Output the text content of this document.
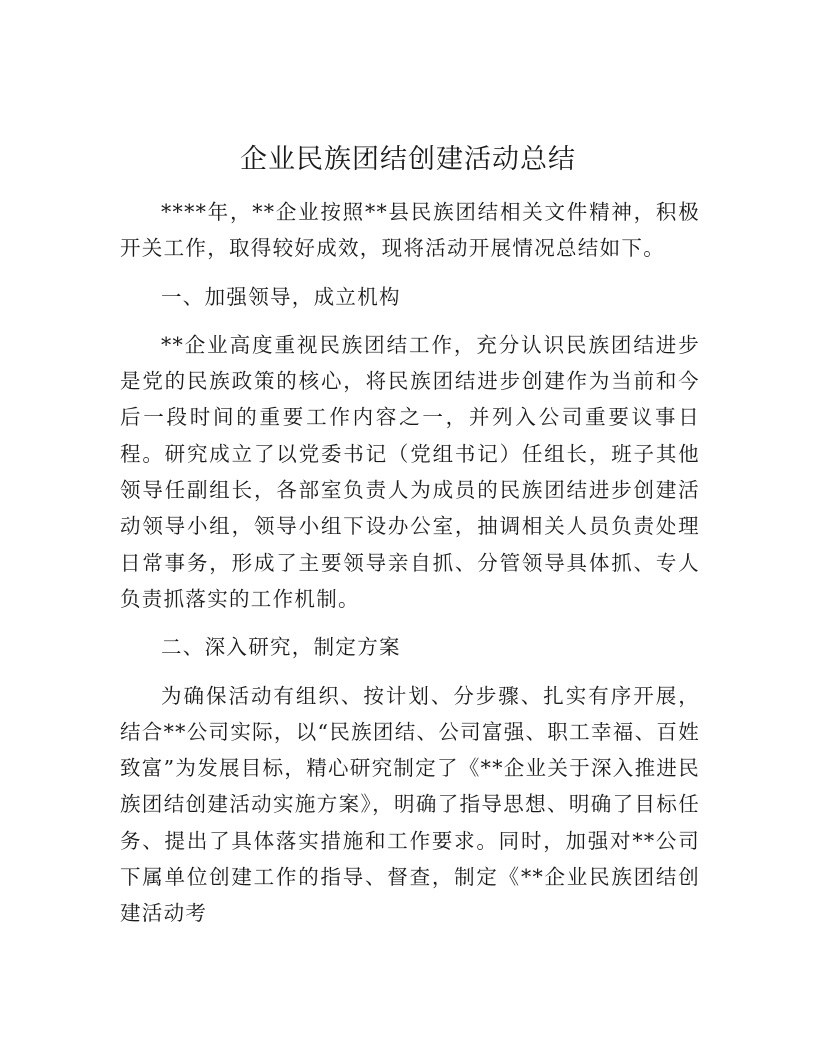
企业民族团结创建活动总结

****年，**企业按照**县民族团结相关文件精神，积极开关工作，取得较好成效，现将活动开展情况总结如下。

一、加强领导，成立机构

**企业高度重视民族团结工作，充分认识民族团结进步是党的民族政策的核心，将民族团结进步创建作为当前和今后一段时间的重要工作内容之一，并列入公司重要议事日程。研究成立了以党委书记（党组书记）任组长，班子其他领导任副组长，各部室负责人为成员的民族团结进步创建活动领导小组，领导小组下设办公室，抽调相关人员负责处理日常事务，形成了主要领导亲自抓、分管领导具体抓、专人负责抓落实的工作机制。

二、深入研究，制定方案

为确保活动有组织、按计划、分步骤、扎实有序开展，结合**公司实际，以“民族团结、公司富强、职工幸福、百姓致富”为发展目标，精心研究制定了《**企业关于深入推进民族团结创建活动实施方案》，明确了指导思想、明确了目标任务、提出了具体落实措施和工作要求。同时，加强对**公司下属单位创建工作的指导、督查，制定《**企业民族团结创建活动考
